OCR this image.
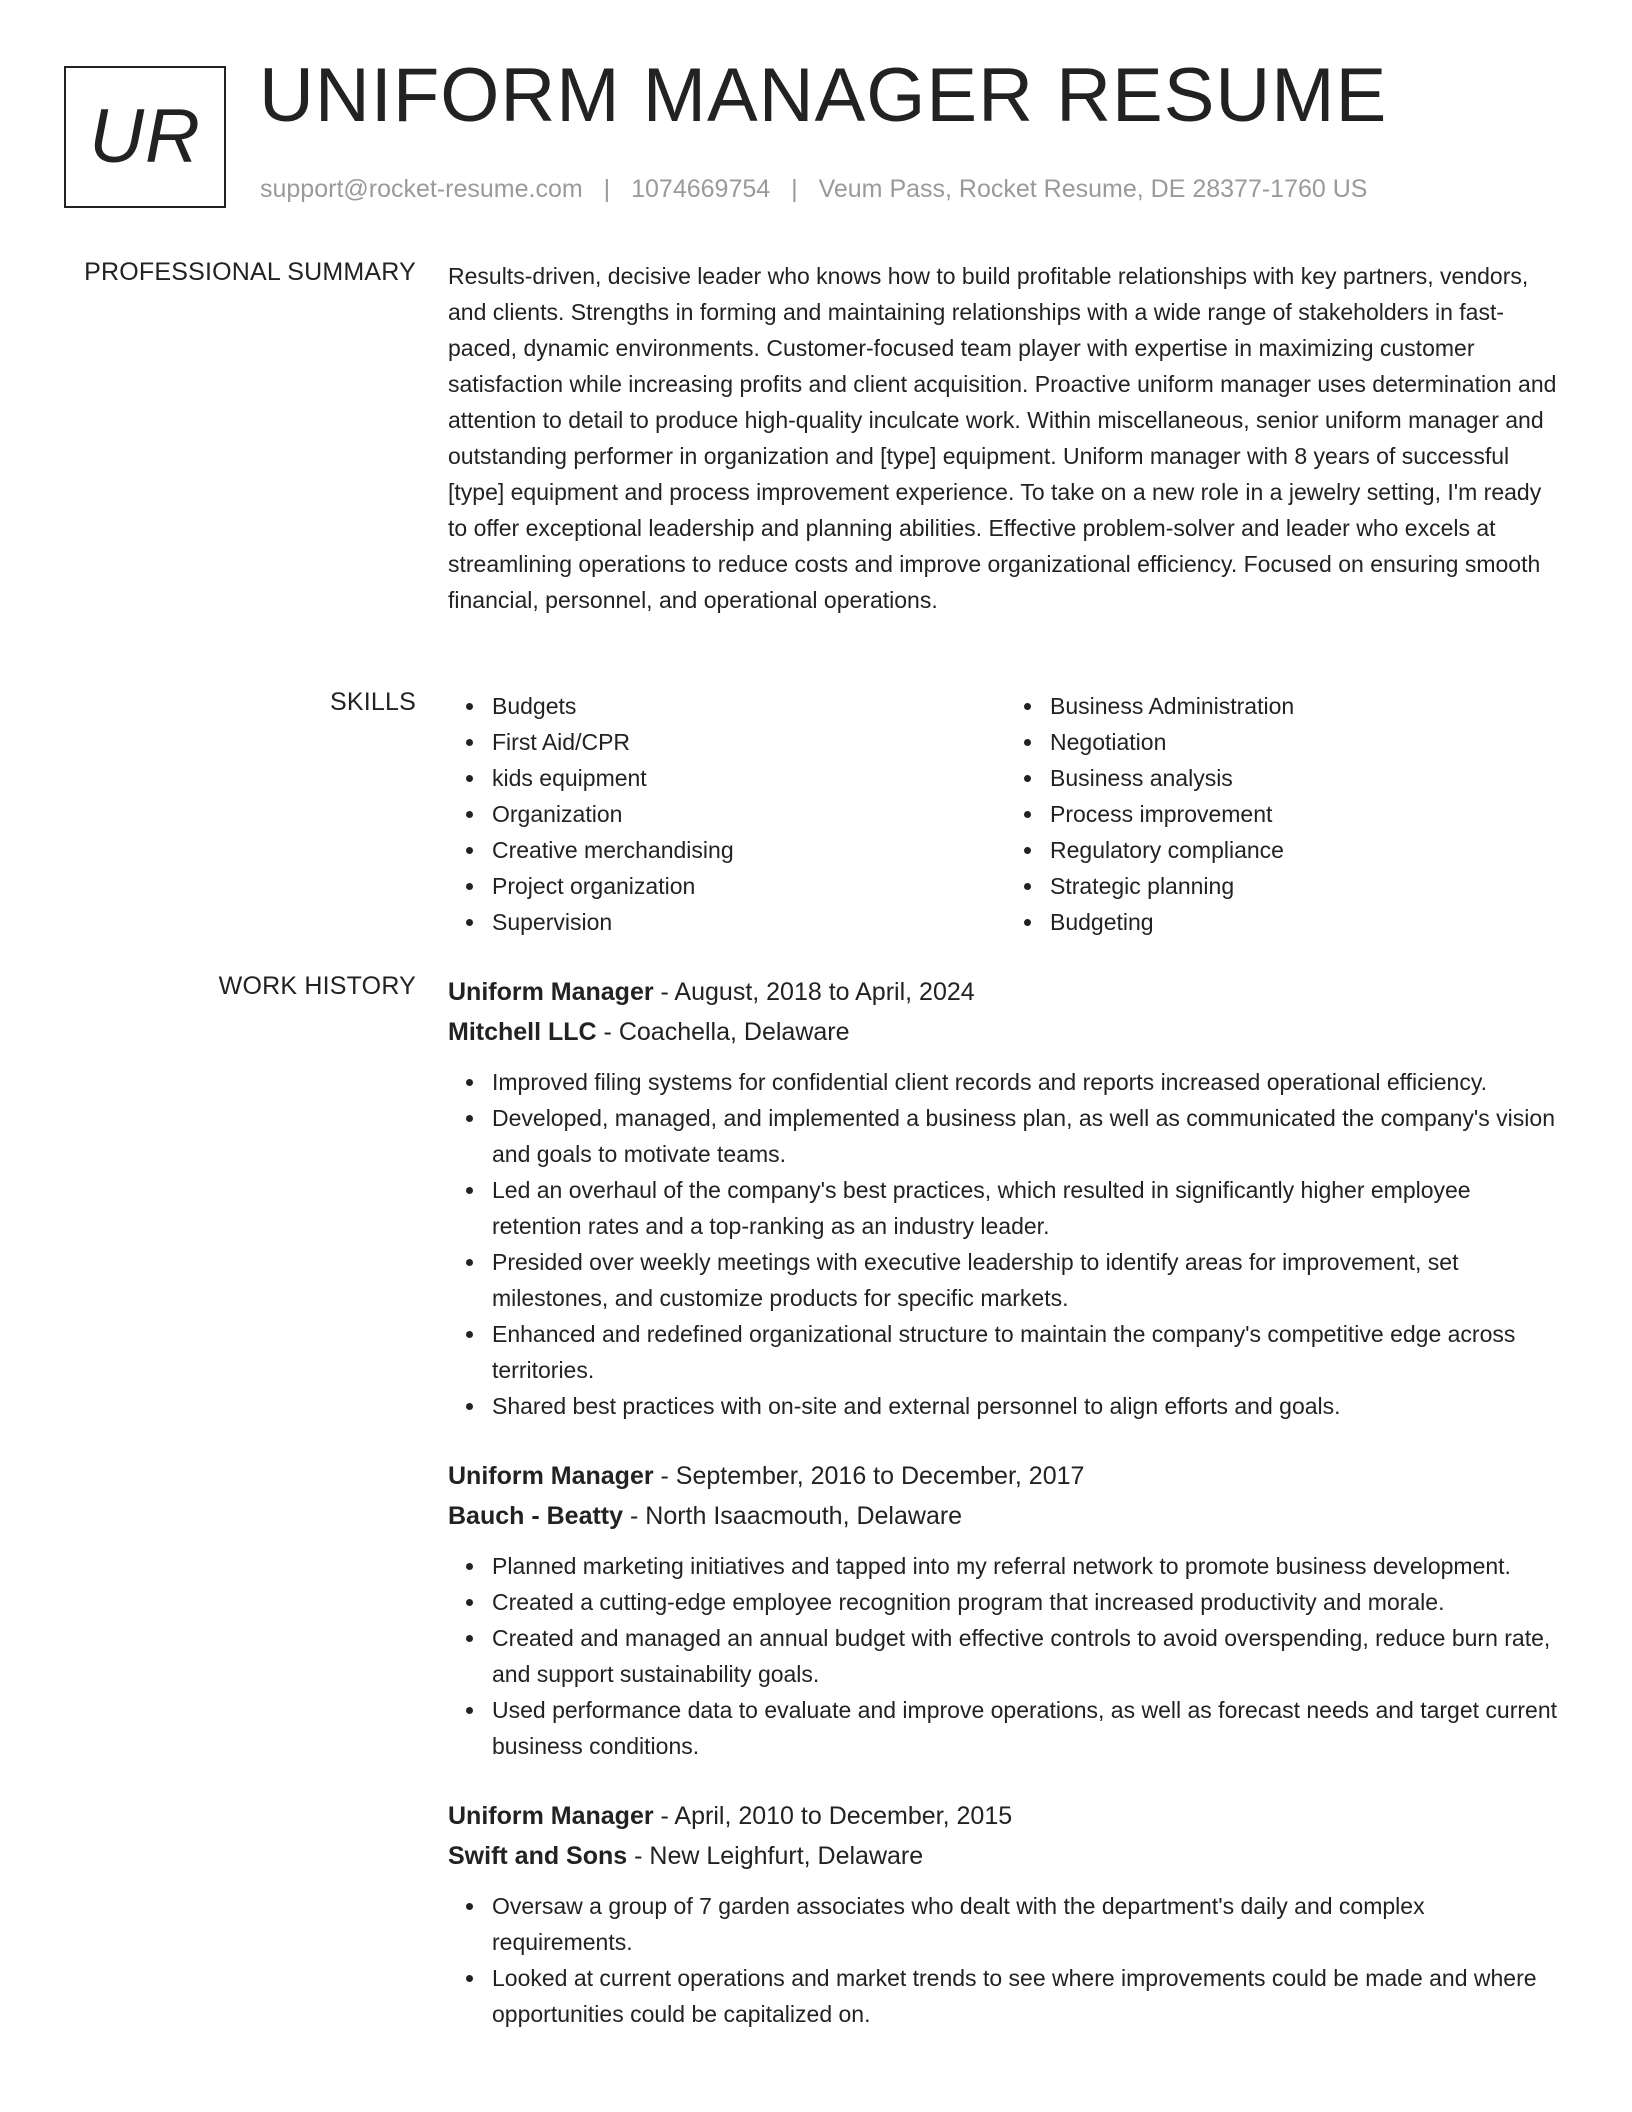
UR UNIFORM MANAGER RESUME
support@rocket-resume.com | 1074669754 | Veum Pass, Rocket Resume, DE 28377-1760 US
PROFESSIONAL SUMMARY Results-driven, decisive leader who knows how to build profitable relationships with key partners, vendors, and clients. Strengths in forming and maintaining relationships with a wide range of stakeholders in fast-paced, dynamic environments. Customer-focused team player with expertise in maximizing customer satisfaction while increasing profits and client acquisition. Proactive uniform manager uses determination and attention to detail to produce high-quality inculcate work. Within miscellaneous, senior uniform manager and outstanding performer in organization and [type] equipment. Uniform manager with 8 years of successful [type] equipment and process improvement experience. To take on a new role in a jewelry setting, I'm ready to offer exceptional leadership and planning abilities. Effective problem-solver and leader who excels at streamlining operations to reduce costs and improve organizational efficiency. Focused on ensuring smooth financial, personnel, and operational operations.

SKILLS	Budgets
First Aid/CPR
kids equipment
Organization
Creative merchandising
Project organization
Supervision
Business Administration
Negotiation
Business analysis
Process improvement
Regulatory compliance
Strategic planning
Budgeting
WORK HISTORY Uniform Manager - August, 2018 to April, 2024
Mitchell LLC - Coachella, Delaware
Improved filing systems for confidential client records and reports increased operational efficiency.
Developed, managed, and implemented a business plan, as well as communicated the company's vision and goals to motivate teams.
Led an overhaul of the company's best practices, which resulted in significantly higher employee retention rates and a top-ranking as an industry leader.
Presided over weekly meetings with executive leadership to identify areas for improvement, set milestones, and customize products for specific markets.
Enhanced and redefined organizational structure to maintain the company's competitive edge across territories.
Shared best practices with on-site and external personnel to align efforts and goals.
Uniform Manager - September, 2016 to December, 2017
Bauch - Beatty - North Isaacmouth, Delaware
Planned marketing initiatives and tapped into my referral network to promote business development.
Created a cutting-edge employee recognition program that increased productivity and morale.
Created and managed an annual budget with effective controls to avoid overspending, reduce burn rate, and support sustainability goals.
Used performance data to evaluate and improve operations, as well as forecast needs and target current business conditions.
Uniform Manager - April, 2010 to December, 2015
Swift and Sons - New Leighfurt, Delaware
Oversaw a group of 7 garden associates who dealt with the department's daily and complex requirements.
Looked at current operations and market trends to see where improvements could be made and where opportunities could be capitalized on.
